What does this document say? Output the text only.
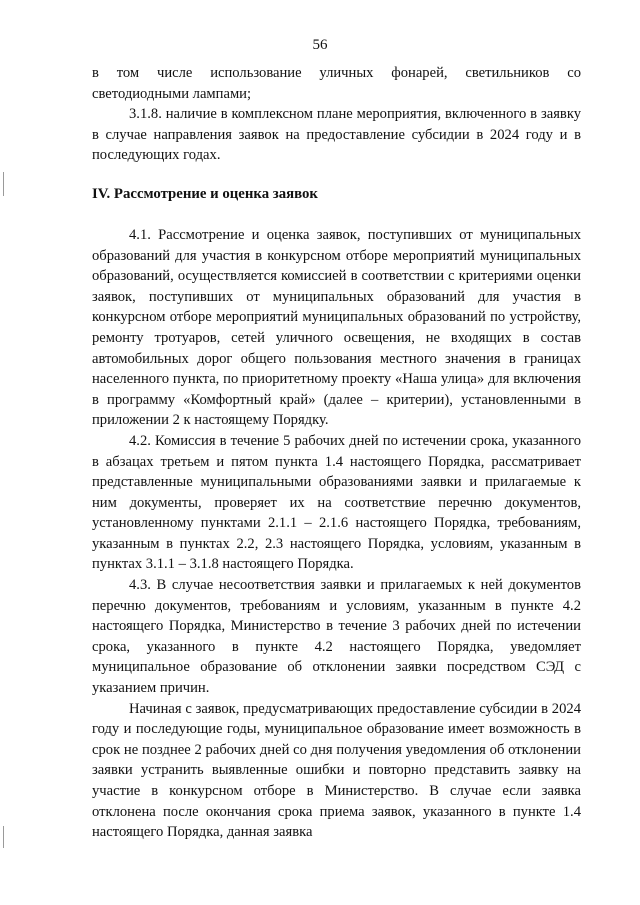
56

в том числе использование уличных фонарей, светильников со светодиодными лампами;

3.1.8. наличие в комплексном плане мероприятия, включенного в заявку в случае направления заявок на предоставление субсидии в 2024 году и в последующих годах.

IV. Рассмотрение и оценка заявок

4.1. Рассмотрение и оценка заявок, поступивших от муниципальных образований для участия в конкурсном отборе мероприятий муниципальных образований, осуществляется комиссией в соответствии с критериями оценки заявок, поступивших от муниципальных образований для участия в конкурсном отборе мероприятий муниципальных образований по устройству, ремонту тротуаров, сетей уличного освещения, не входящих в состав автомобильных дорог общего пользования местного значения в границах населенного пункта, по приоритетному проекту «Наша улица» для включения в программу «Комфортный край» (далее – критерии), установленными в приложении 2 к настоящему Порядку.

4.2. Комиссия в течение 5 рабочих дней по истечении срока, указанного в абзацах третьем и пятом пункта 1.4 настоящего Порядка, рассматривает представленные муниципальными образованиями заявки и прилагаемые к ним документы, проверяет их на соответствие перечню документов, установленному пунктами 2.1.1 – 2.1.6 настоящего Порядка, требованиям, указанным в пунктах 2.2, 2.3 настоящего Порядка, условиям, указанным в пунктах 3.1.1 – 3.1.8 настоящего Порядка.

4.3. В случае несоответствия заявки и прилагаемых к ней документов перечню документов, требованиям и условиям, указанным в пункте 4.2 настоящего Порядка, Министерство в течение 3 рабочих дней по истечении срока, указанного в пункте 4.2 настоящего Порядка, уведомляет муниципальное образование об отклонении заявки посредством СЭД с указанием причин.

Начиная с заявок, предусматривающих предоставление субсидии в 2024 году и последующие годы, муниципальное образование имеет возможность в срок не позднее 2 рабочих дней со дня получения уведомления об отклонении заявки устранить выявленные ошибки и повторно представить заявку на участие в конкурсном отборе в Министерство. В случае если заявка отклонена после окончания срока приема заявок, указанного в пункте 1.4 настоящего Порядка, данная заявка
